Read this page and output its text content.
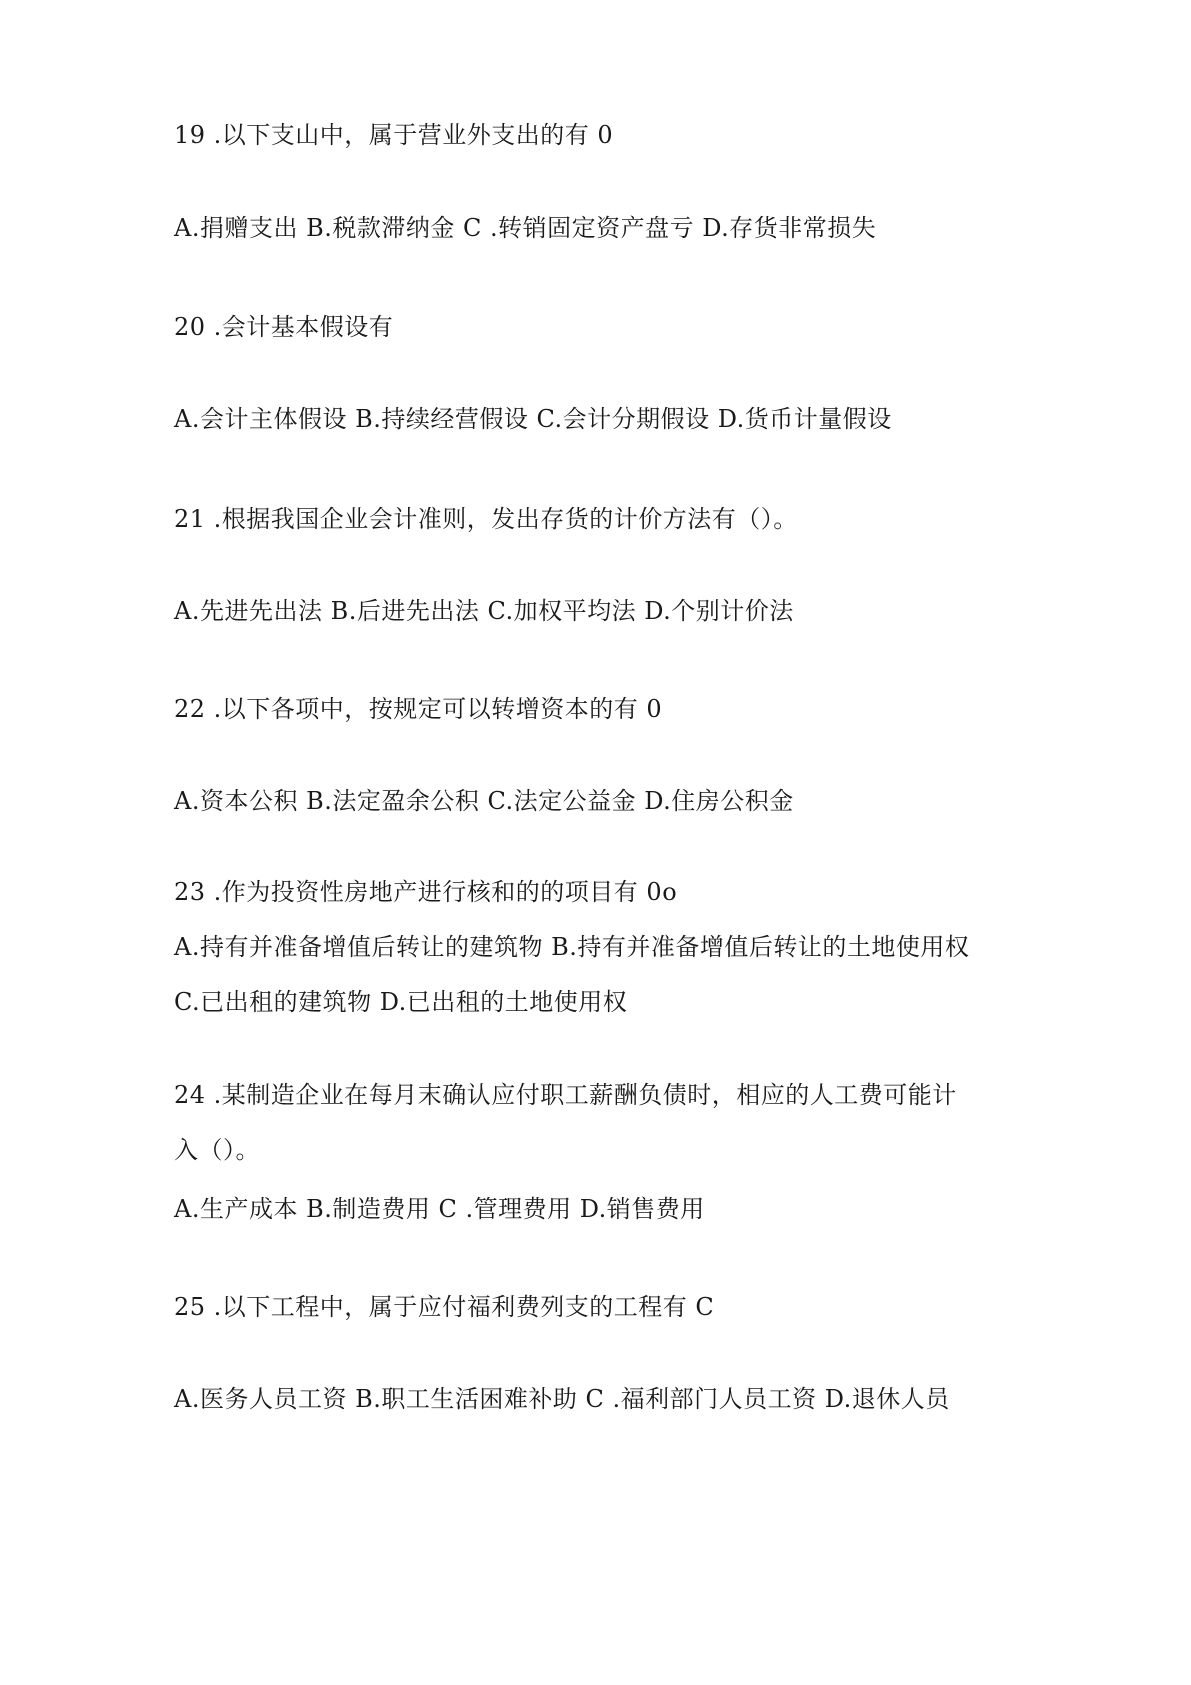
19 .以下支山中，属于营业外支出的有 0
A.捐赠支出 B.税款滞纳金 C .转销固定资产盘亏 D.存货非常损失
20 .会计基本假设有
A.会计主体假设 B.持续经营假设 C.会计分期假设 D.货币计量假设
21 .根据我国企业会计准则，发出存货的计价方法有（）。
A.先进先出法 B.后进先出法 C.加权平均法 D.个别计价法
22 .以下各项中，按规定可以转增资本的有 0
A.资本公积 B.法定盈余公积 C.法定公益金 D.住房公积金
23 .作为投资性房地产进行核和的的项目有 0o
A.持有并准备增值后转让的建筑物 B.持有并准备增值后转让的土地使用权
C.已出租的建筑物 D.已出租的土地使用权
24 .某制造企业在每月末确认应付职工薪酬负债时，相应的人工费可能计
入（）。
A.生产成本 B.制造费用 C .管理费用 D.销售费用
25 .以下工程中，属于应付福利费列支的工程有 C
A.医务人员工资 B.职工生活困难补助 C .福利部门人员工资 D.退休人员
